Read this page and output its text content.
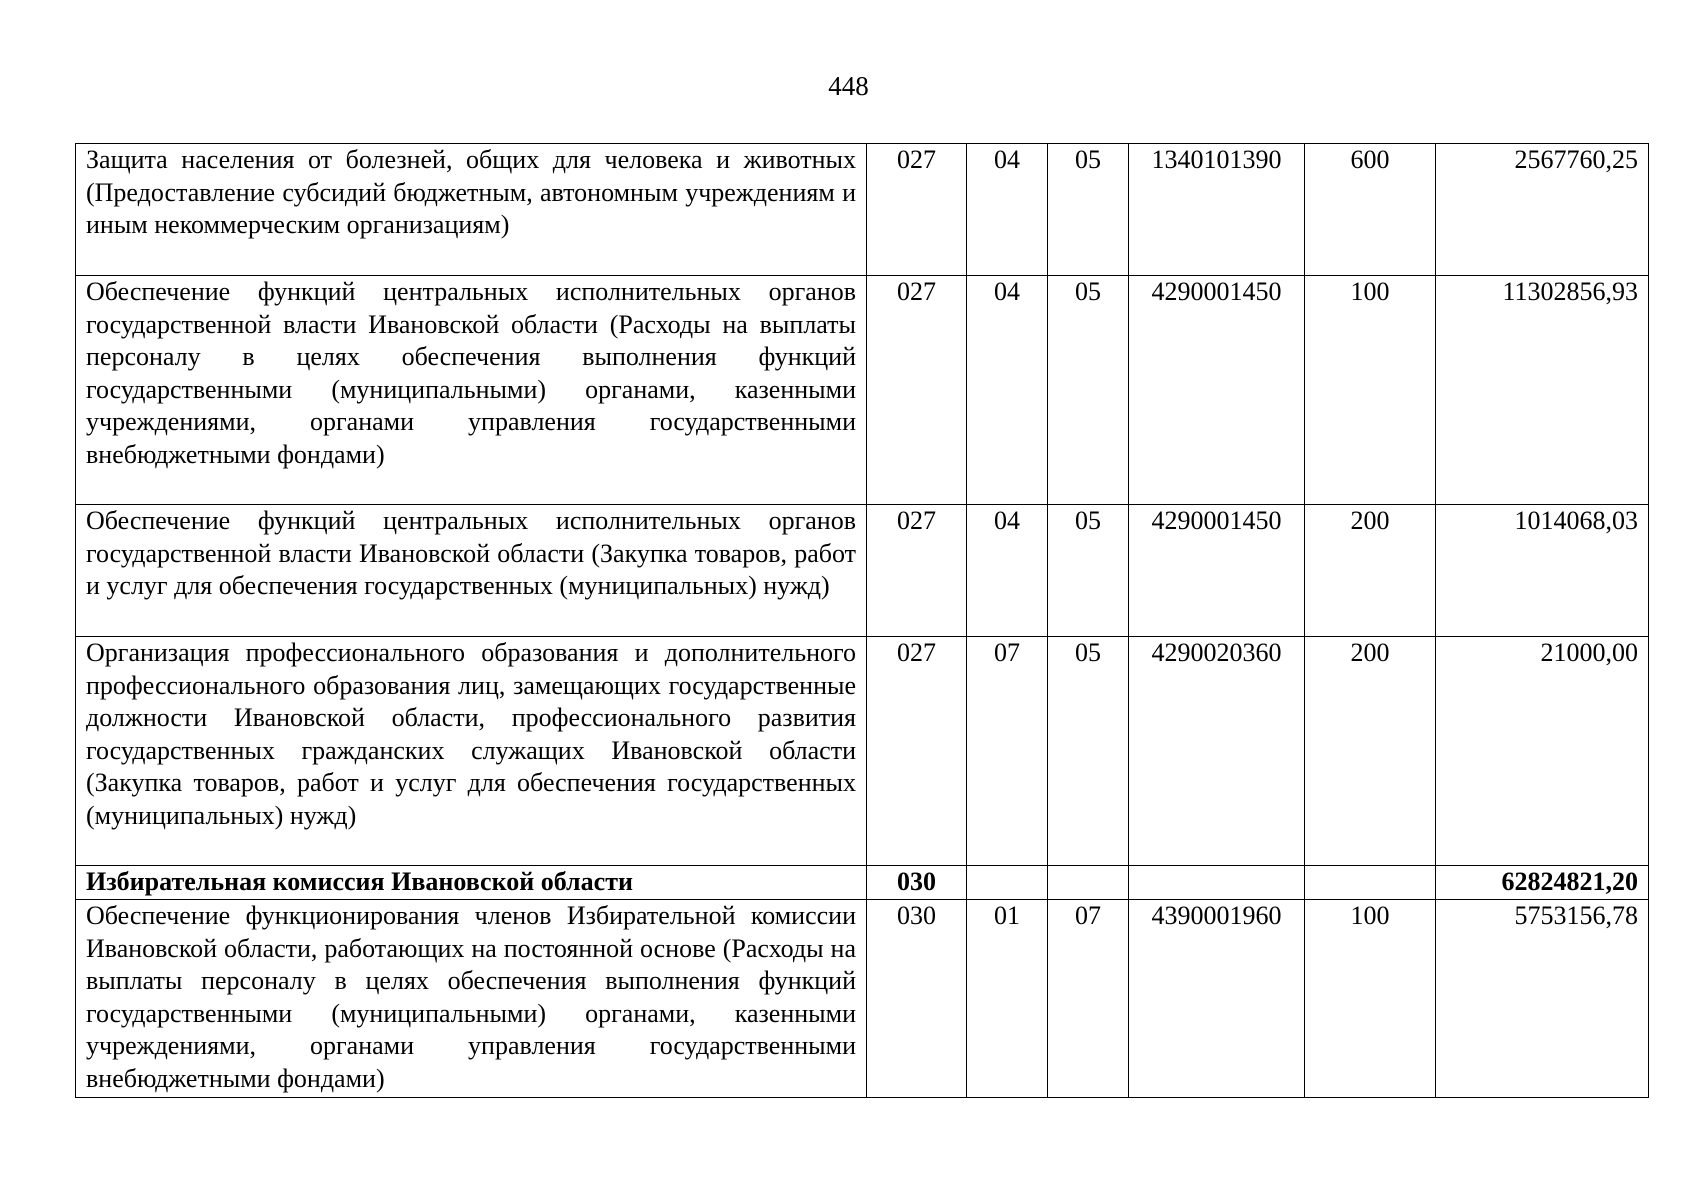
448
Защита населения от болезней, общих для человека и животных (Предоставление субсидий бюджетным, автономным учреждениям и иным некоммерческим организациям)	027	04	05	1340101390	600	2567760,25
Обеспечение функций центральных исполнительных органов государственной власти Ивановской области (Расходы на выплаты персоналу в целях обеспечения выполнения функций государственными (муниципальными) органами, казенными учреждениями, органами управления государственными внебюджетными фондами)	027	04	05	4290001450	100	11302856,93
Обеспечение функций центральных исполнительных органов государственной власти Ивановской области (Закупка товаров, работ и услуг для обеспечения государственных (муниципальных) нужд)	027	04	05	4290001450	200	1014068,03
Организация профессионального образования и дополнительного профессионального образования лиц, замещающих государственные должности Ивановской области, профессионального развития государственных гражданских служащих Ивановской области (Закупка товаров, работ и услуг для обеспечения государственных (муниципальных) нужд)	027	07	05	4290020360	200	21000,00
Избирательная комиссия Ивановской области	030					62824821,20
Обеспечение функционирования членов Избирательной комиссии Ивановской области, работающих на постоянной основе (Расходы на выплаты персоналу в целях обеспечения выполнения функций государственными (муниципальными) органами, казенными учреждениями, органами управления государственными внебюджетными фондами)	030	01	07	4390001960	100	5753156,78
